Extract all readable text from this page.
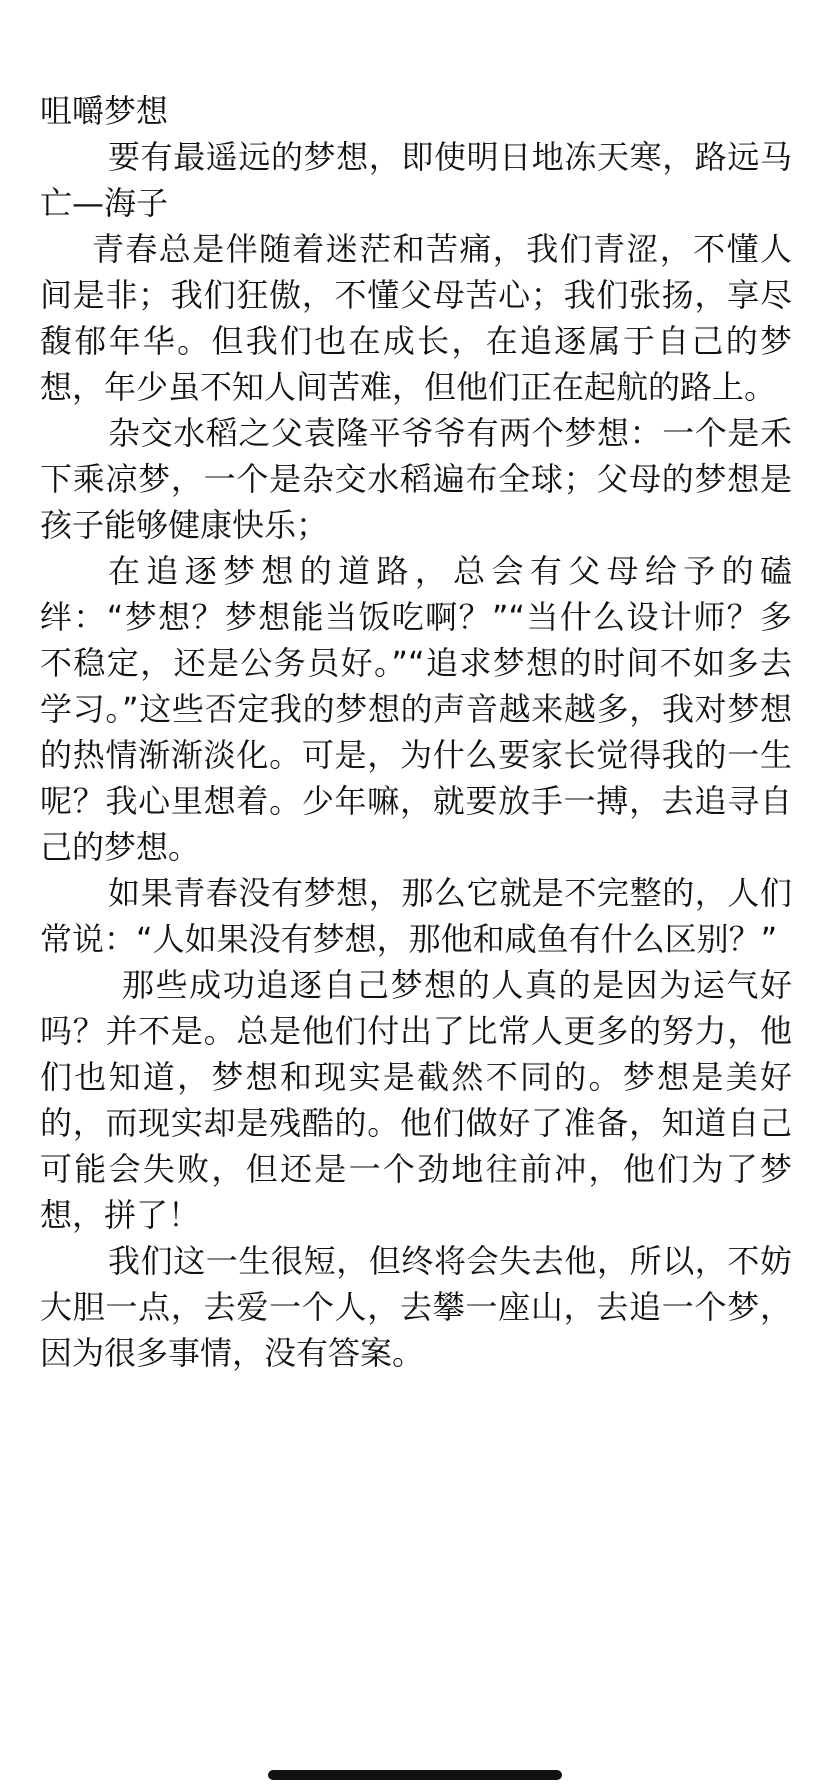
咀嚼梦想

要有最遥远的梦想，即使明日地冻天寒，路远马亡—海子

青春总是伴随着迷茫和苦痛，我们青涩，不懂人间是非；我们狂傲，不懂父母苦心；我们张扬，享尽馥郁年华。但我们也在成长，在追逐属于自己的梦想，年少虽不知人间苦难，但他们正在起航的路上。

杂交水稻之父袁隆平爷爷有两个梦想：一个是禾下乘凉梦，一个是杂交水稻遍布全球；父母的梦想是孩子能够健康快乐；

在追逐梦想的道路，总会有父母给予的磕绊：“梦想？梦想能当饭吃啊？”“当什么设计师？多不稳定，还是公务员好。”“追求梦想的时间不如多去学习。”这些否定我的梦想的声音越来越多，我对梦想的热情渐渐淡化。可是，为什么要家长觉得我的一生呢？我心里想着。少年嘛，就要放手一搏，去追寻自己的梦想。

如果青春没有梦想，那么它就是不完整的，人们常说：“人如果没有梦想，那他和咸鱼有什么区别？”

那些成功追逐自己梦想的人真的是因为运气好吗？并不是。总是他们付出了比常人更多的努力，他们也知道，梦想和现实是截然不同的。梦想是美好的，而现实却是残酷的。他们做好了准备，知道自己可能会失败，但还是一个劲地往前冲，他们为了梦想，拼了！

我们这一生很短，但终将会失去他，所以，不妨大胆一点，去爱一个人，去攀一座山，去追一个梦，因为很多事情，没有答案。
